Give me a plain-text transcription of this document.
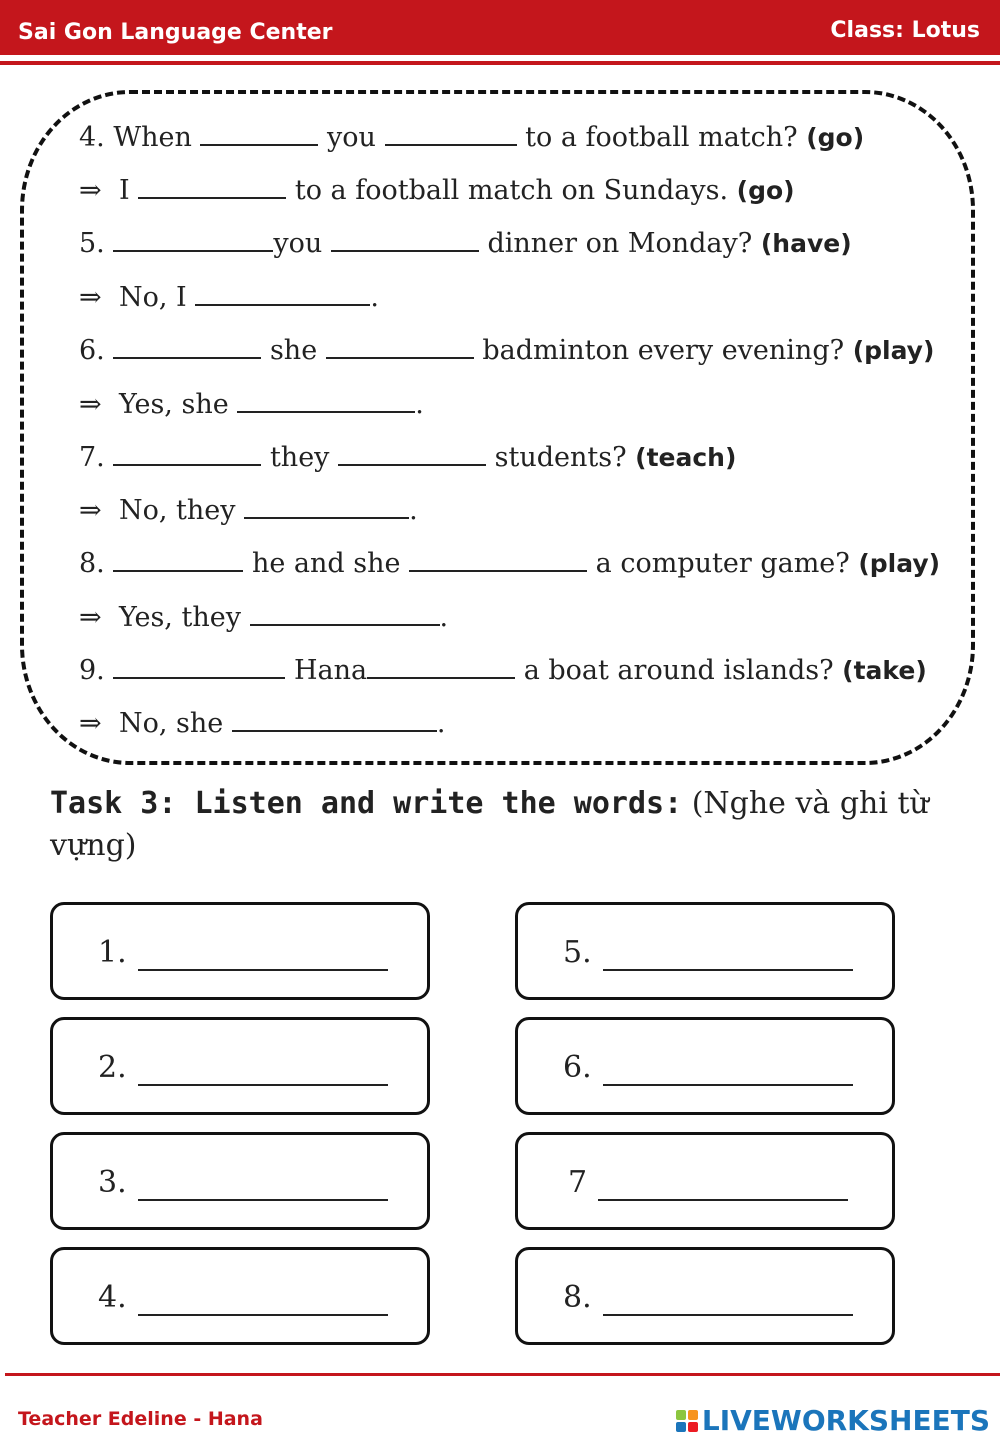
Sai Gon Language Center	Class: Lotus
4. When	you	to a football match? (go)
⇒ I	to a football match on Sundays. (go)
5.	you	dinner on Monday? (have)
⇒ No, I	.
6.	she	badminton every evening? (play)
⇒ Yes, she	.
7.	they	students? (teach)
⇒ No, they	.
8.	he and she	a computer game? (play)
⇒ Yes, they	.
9.	Hana	a boat around islands? (take)
⇒ No, she	.
Task 3: Listen and write the words: (Nghe và ghi từ vựng)
1.
2.
3.
4.
5.
6.
7
8.
Teacher Edeline - Hana	LIVEWORKSHEETS
